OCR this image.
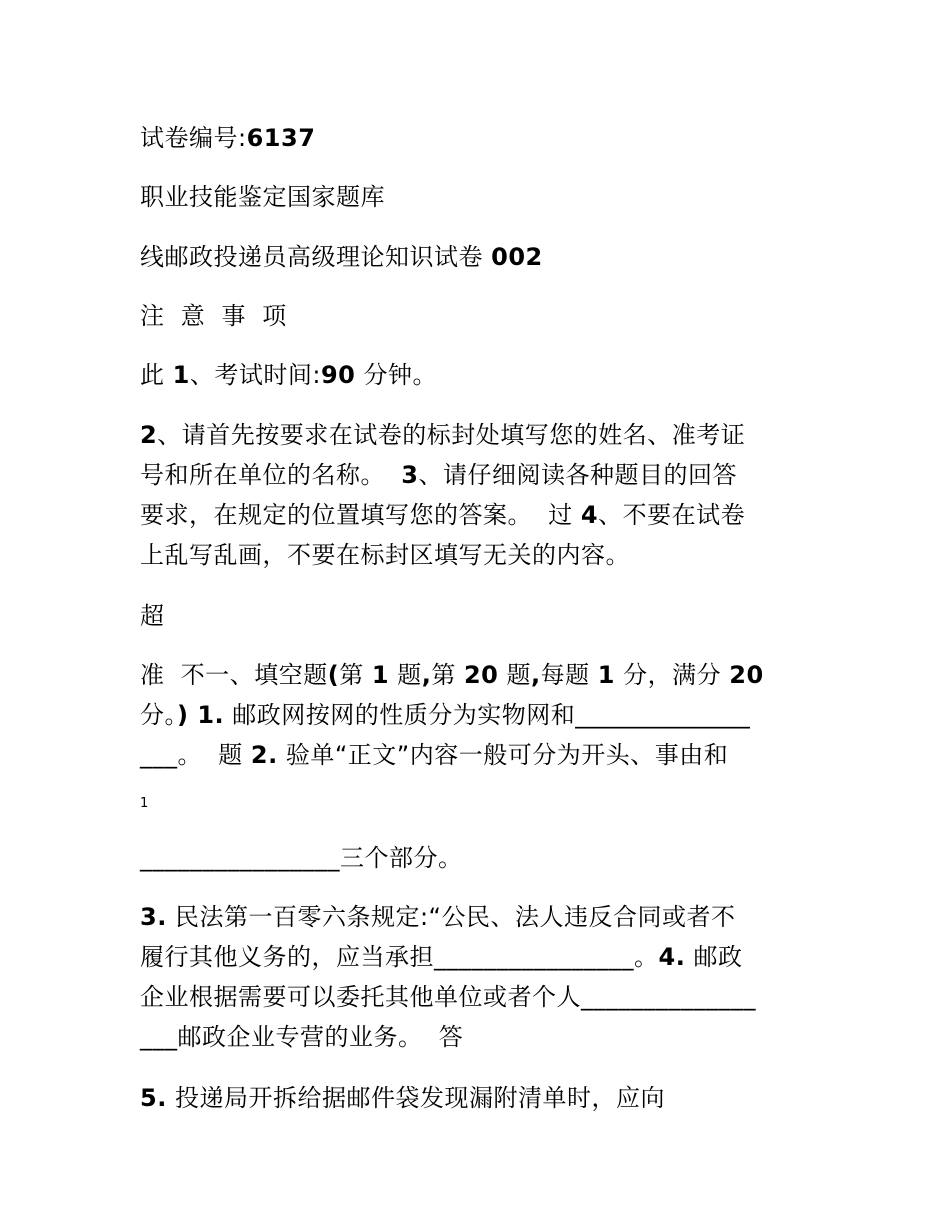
试卷编号:6137
职业技能鉴定国家题库
线邮政投递员高级理论知识试卷 002
注  意  事  项
此 1、考试时间:90 分钟。
2、请首先按要求在试卷的标封处填写您的姓名、准考证
号和所在单位的名称。  3、请仔细阅读各种题目的回答
要求，在规定的位置填写您的答案。  过 4、不要在试卷
上乱写乱画，不要在标封区填写无关的内容。
超
准  不一、填空题(第 1 题,第 20 题,每题 1 分，满分 20
分。) 1. 邮政网按网的性质分为实物网和______________
___。  题 2. 验单“正文”内容一般可分为开头、事由和
1
________________三个部分。
3. 民法第一百零六条规定:“公民、法人违反合同或者不
履行其他义务的，应当承担________________。4. 邮政
企业根据需要可以委托其他单位或者个人______________
___邮政企业专营的业务。  答
5. 投递局开拆给据邮件袋发现漏附清单时，应向
